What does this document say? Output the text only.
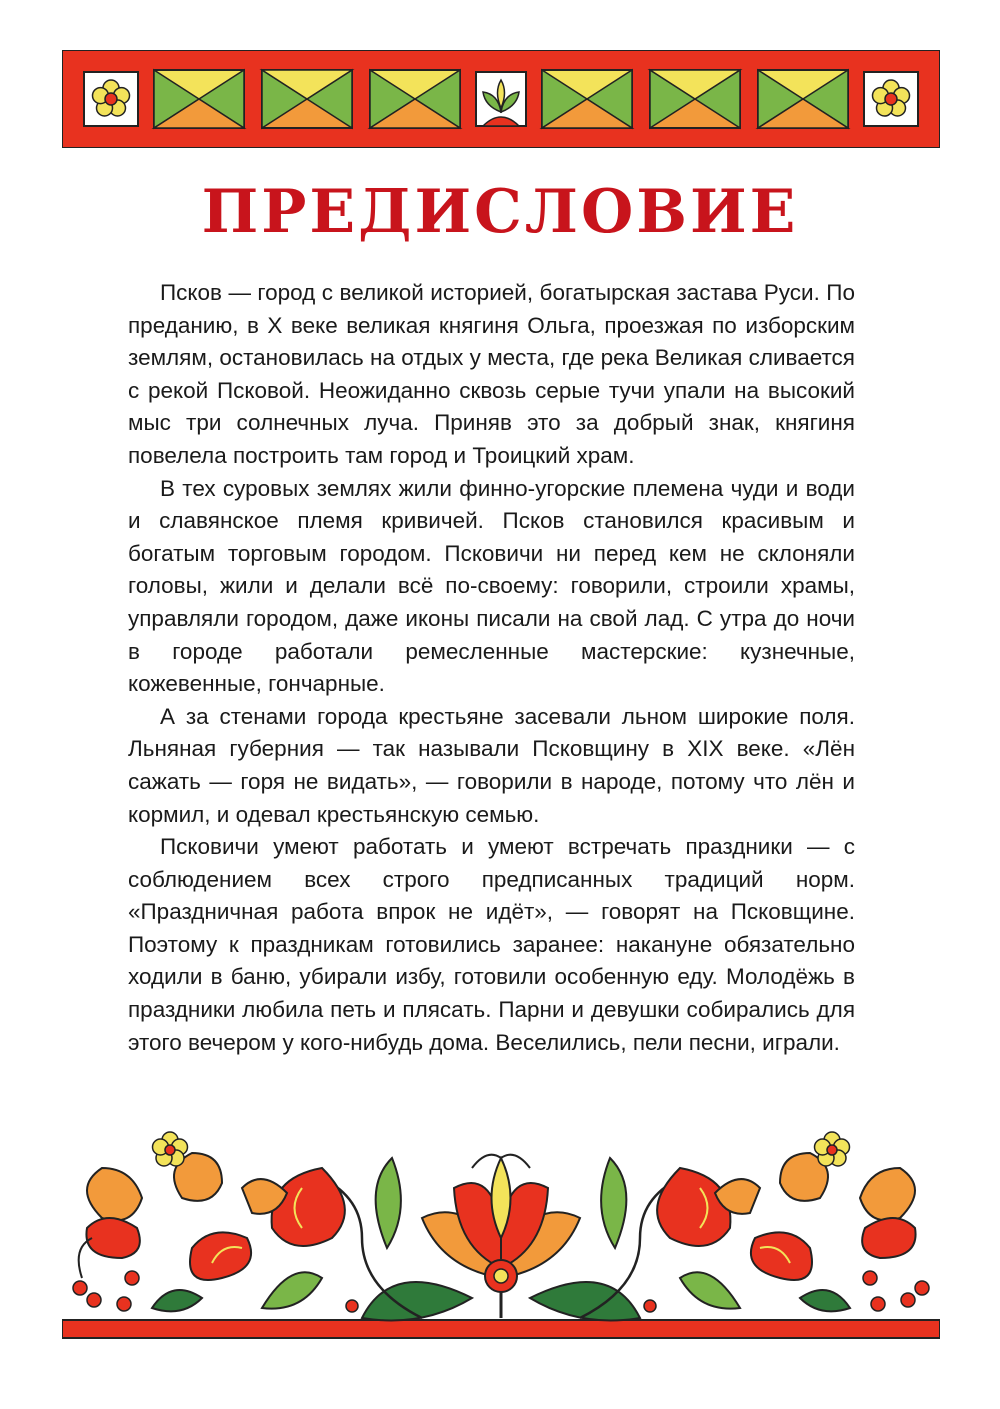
ПРЕДИСЛОВИЕ

Псков — город с великой историей, богатырская застава Руси. По преданию, в X веке великая княгиня Ольга, проезжая по изборским землям, остановилась на отдых у места, где река Великая сливается с рекой Псковой. Неожиданно сквозь серые тучи упали на высокий мыс три солнечных луча. Приняв это за добрый знак, княгиня повелела построить там город и Троицкий храм.

В тех суровых землях жили финно-угорские племена чуди и води и славянское племя кривичей. Псков становился красивым и богатым торговым городом. Псковичи ни перед кем не склоняли головы, жили и делали всё по-своему: говорили, строили храмы, управляли городом, даже иконы писали на свой лад. С утра до ночи в городе работали ремесленные мастерские: кузнечные, кожевенные, гончарные.

А за стенами города крестьяне засевали льном широкие поля. Льняная губерния — так называли Псковщину в XIX веке. «Лён сажать — горя не видать», — говорили в народе, потому что лён и кормил, и одевал крестьянскую семью.

Псковичи умеют работать и умеют встречать праздники — с соблюдением всех строго предписанных традиций норм. «Праздничная работа впрок не идёт», — говорят на Псковщине. Поэтому к праздникам готовились заранее: накануне обязательно ходили в баню, убирали избу, готовили особенную еду. Молодёжь в праздники любила петь и плясать. Парни и девушки собирались для этого вечером у кого-нибудь дома. Веселились, пели песни, играли.
